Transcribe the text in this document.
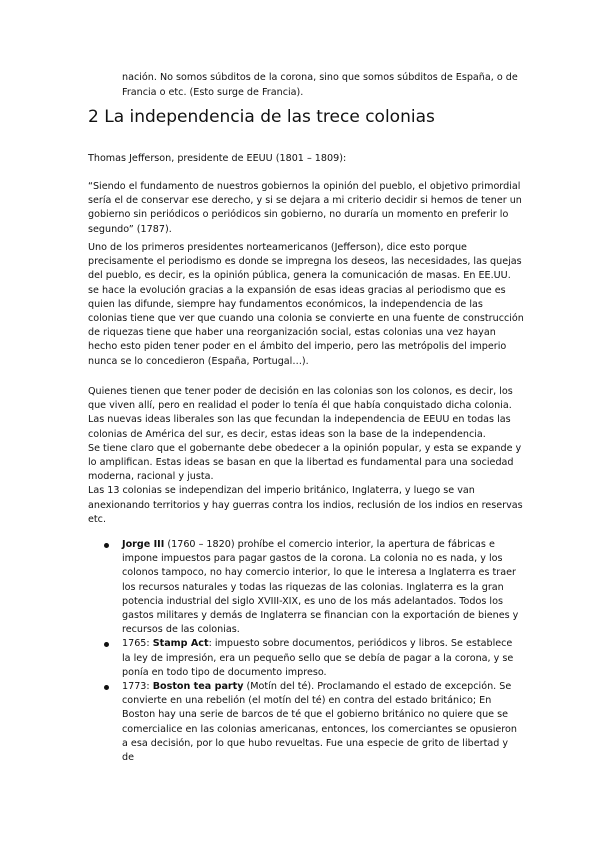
nación. No somos súbditos de la corona, sino que somos súbditos de España, o de Francia o etc. (Esto surge de Francia).

2 La independencia de las trece colonias

Thomas Jefferson, presidente de EEUU (1801 – 1809):

“Siendo el fundamento de nuestros gobiernos la opinión del pueblo, el objetivo primordial sería el de conservar ese derecho, y si se dejara a mi criterio decidir si hemos de tener un gobierno sin periódicos o periódicos sin gobierno, no duraría un momento en preferir lo segundo” (1787).

Uno de los primeros presidentes norteamericanos (Jefferson), dice esto porque precisamente el periodismo es donde se impregna los deseos, las necesidades, las quejas del pueblo, es decir, es la opinión pública, genera la comunicación de masas. En EE.UU. se hace la evolución gracias a la expansión de esas ideas gracias al periodismo que es quien las difunde, siempre hay fundamentos económicos, la independencia de las colonias tiene que ver que cuando una colonia se convierte en una fuente de construcción de riquezas tiene que haber una reorganización social, estas colonias una vez hayan hecho esto piden tener poder en el ámbito del imperio, pero las metrópolis del imperio nunca se lo concedieron (España, Portugal…).

Quienes tienen que tener poder de decisión en las colonias son los colonos, es decir, los que viven allí, pero en realidad el poder lo tenía él que había conquistado dicha colonia. Las nuevas ideas liberales son las que fecundan la independencia de EEUU en todas las colonias de América del sur, es decir, estas ideas son la base de la independencia.

Se tiene claro que el gobernante debe obedecer a la opinión popular, y esta se expande y lo amplifican. Estas ideas se basan en que la libertad es fundamental para una sociedad moderna, racional y justa.

Las 13 colonias se independizan del imperio británico, Inglaterra, y luego se van anexionando territorios y hay guerras contra los indios, reclusión de los indios en reservas etc.

Jorge III (1760 – 1820) prohíbe el comercio interior, la apertura de fábricas e impone impuestos para pagar gastos de la corona. La colonia no es nada, y los colonos tampoco, no hay comercio interior, lo que le interesa a Inglaterra es traer los recursos naturales y todas las riquezas de las colonias. Inglaterra es la gran potencia industrial del siglo XVIII-XIX, es uno de los más adelantados. Todos los gastos militares y demás de Inglaterra se financian con la exportación de bienes y recursos de las colonias.
1765: Stamp Act: impuesto sobre documentos, periódicos y libros. Se establece la ley de impresión, era un pequeño sello que se debía de pagar a la corona, y se ponía en todo tipo de documento impreso.
1773: Boston tea party (Motín del té). Proclamando el estado de excepción. Se convierte en una rebelión (el motín del té) en contra del estado británico; En Boston hay una serie de barcos de té que el gobierno británico no quiere que se comercialice en las colonias americanas, entonces, los comerciantes se opusieron a esa decisión, por lo que hubo revueltas. Fue una especie de grito de libertad y de
